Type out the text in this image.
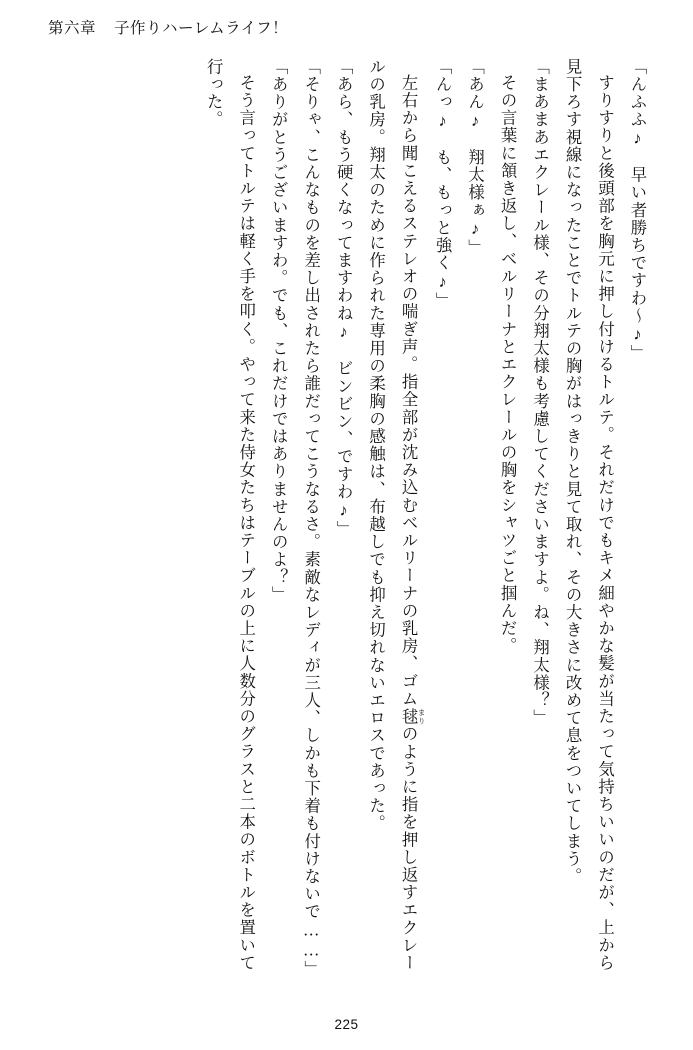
第六章 子作りハーレムライフ！

「んふふ♪　早い者勝ちですわ～♪」

すりすりと後頭部を胸元に押し付けるトルテ。それだけでもキメ細やかな髪が当たって気持ちいいのだが、上から見下ろす視線になったことでトルテの胸がはっきりと見て取れ、その大きさに改めて息をついてしまう。

「まあまあエクレール様、その分翔太様も考慮してくださいますよ。ね、翔太様？」

その言葉に頷き返し、ベルリーナとエクレールの胸をシャツごと掴んだ。

「あん♪　翔太様ぁ♪」

「んっ♪　も、もっと強く♪」

左右から聞こえるステレオの喘ぎ声。指全部が沈み込むベルリーナの乳房、ゴム毬 まりのように指を押し返すエクレールの乳房。翔太のために作られた専用の柔胸の感触は、布越しでも抑え切れないエロスであった。

「あら、もう硬くなってますわね♪　ビンビン、ですわ♪」

「そりゃ、こんなものを差し出されたら誰だってこうなるさ。素敵なレディが三人、しかも下着も付けないで……」

「ありがとうございますわ。でも、これだけではありませんのよ？」

そう言ってトルテは軽く手を叩く。やって来た侍女たちはテーブルの上に人数分のグラスと二本のボトルを置いて行った。

225
